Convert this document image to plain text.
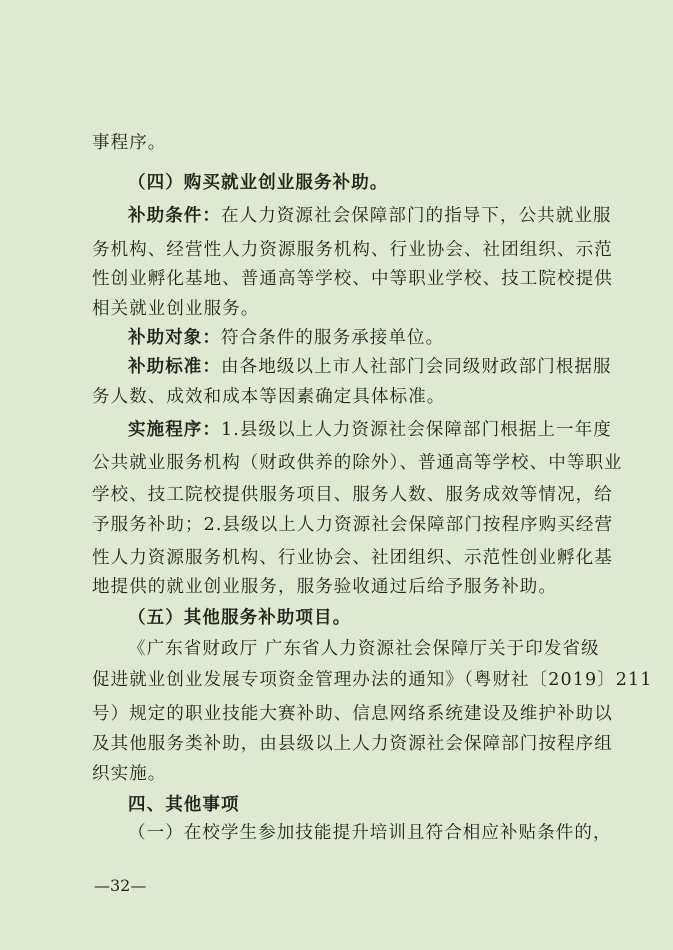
事程序。
（四）购买就业创业服务补助。
补助条件：在人力资源社会保障部门的指导下，公共就业服
务机构、经营性人力资源服务机构、行业协会、社团组织、示范
性创业孵化基地、普通高等学校、中等职业学校、技工院校提供
相关就业创业服务。
补助对象：符合条件的服务承接单位。
补助标准：由各地级以上市人社部门会同级财政部门根据服
务人数、成效和成本等因素确定具体标准。
实施程序：1.县级以上人力资源社会保障部门根据上一年度
公共就业服务机构（财政供养的除外）、普通高等学校、中等职业
学校、技工院校提供服务项目、服务人数、服务成效等情况，给
予服务补助；2.县级以上人力资源社会保障部门按程序购买经营
性人力资源服务机构、行业协会、社团组织、示范性创业孵化基
地提供的就业创业服务，服务验收通过后给予服务补助。
（五）其他服务补助项目。
《广东省财政厅 广东省人力资源社会保障厅关于印发省级
促进就业创业发展专项资金管理办法的通知》（粤财社〔2019〕211
号）规定的职业技能大赛补助、信息网络系统建设及维护补助以
及其他服务类补助，由县级以上人力资源社会保障部门按程序组
织实施。
四、其他事项
（一）在校学生参加技能提升培训且符合相应补贴条件的，
—32—
